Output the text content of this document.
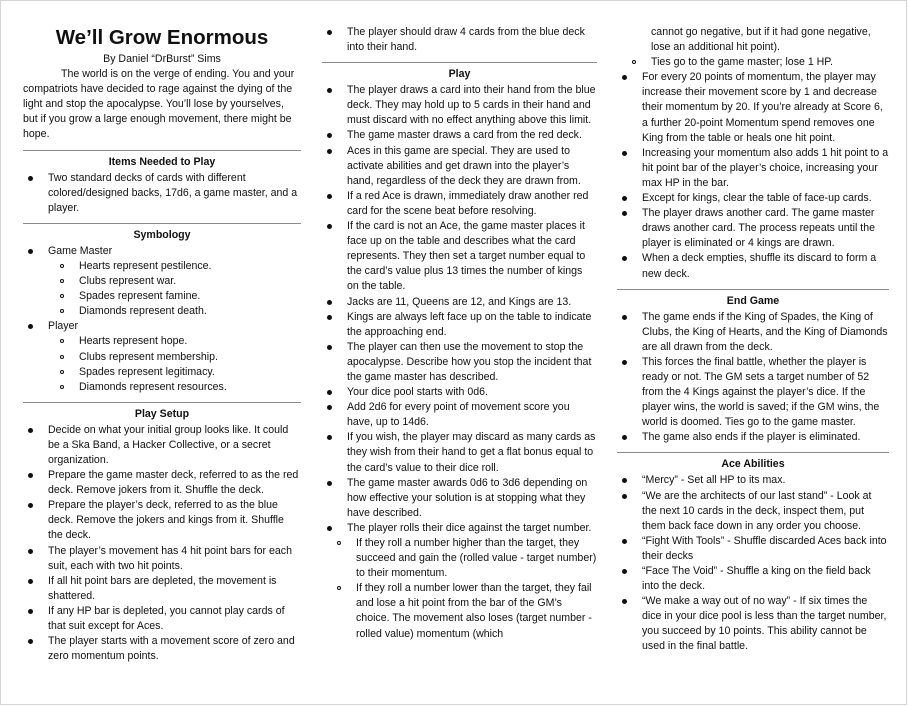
We’ll Grow Enormous
By Daniel “DrBurst” Sims

The world is on the verge of ending. You and your compatriots have decided to rage against the dying of the light and stop the apocalypse. You’ll lose by yourselves, but if you grow a large enough movement, there might be hope.

Items Needed to Play
Two standard decks of cards with different colored/designed backs, 17d6, a game master, and a player.
Symbology
Game Master
Hearts represent pestilence.
Clubs represent war.
Spades represent famine.
Diamonds represent death.
Player
Hearts represent hope.
Clubs represent membership.
Spades represent legitimacy.
Diamonds represent resources.
Play Setup
Decide on what your initial group looks like. It could be a Ska Band, a Hacker Collective, or a secret organization.
Prepare the game master deck, referred to as the red deck. Remove jokers from it. Shuffle the deck.
Prepare the player’s deck, referred to as the blue deck. Remove the jokers and kings from it. Shuffle the deck.
The player’s movement has 4 hit point bars for each suit, each with two hit points.
If all hit point bars are depleted, the movement is shattered.
If any HP bar is depleted, you cannot play cards of that suit except for Aces.
The player starts with a movement score of zero and zero momentum points.
The player should draw 4 cards from the blue deck into their hand.
Play
The player draws a card into their hand from the blue deck. They may hold up to 5 cards in their hand and must discard with no effect anything above this limit.
The game master draws a card from the red deck.
Aces in this game are special. They are used to activate abilities and get drawn into the player’s hand, regardless of the deck they are drawn from.
If a red Ace is drawn, immediately draw another red card for the scene beat before resolving.
If the card is not an Ace, the game master places it face up on the table and describes what the card represents. They then set a target number equal to the card’s value plus 13 times the number of kings on the table.
Jacks are 11, Queens are 12, and Kings are 13.
Kings are always left face up on the table to indicate the approaching end.
The player can then use the movement to stop the apocalypse. Describe how you stop the incident that the game master has described.
Your dice pool starts with 0d6.
Add 2d6 for every point of movement score you have, up to 14d6.
If you wish, the player may discard as many cards as they wish from their hand to get a flat bonus equal to the card’s value to their dice roll.
The game master awards 0d6 to 3d6 depending on how effective your solution is at stopping what they have described.
The player rolls their dice against the target number.
If they roll a number higher than the target, they succeed and gain the (rolled value - target number) to their momentum.
If they roll a number lower than the target, they fail and lose a hit point from the bar of the GM’s choice. The movement also loses (target number - rolled value) momentum (which
cannot go negative, but if it had gone negative, lose an additional hit point).
Ties go to the game master; lose 1 HP.
For every 20 points of momentum, the player may increase their movement score by 1 and decrease their momentum by 20. If you’re already at Score 6, a further 20-point Momentum spend removes one King from the table or heals one hit point.
Increasing your momentum also adds 1 hit point to a hit point bar of the player’s choice, increasing your max HP in the bar.
Except for kings, clear the table of face-up cards.
The player draws another card. The game master draws another card. The process repeats until the player is eliminated or 4 kings are drawn.
When a deck empties, shuffle its discard to form a new deck.
End Game
The game ends if the King of Spades, the King of Clubs, the King of Hearts, and the King of Diamonds are all drawn from the deck.
This forces the final battle, whether the player is ready or not. The GM sets a target number of 52 from the 4 Kings against the player’s dice. If the player wins, the world is saved; if the GM wins, the world is doomed. Ties go to the game master.
The game also ends if the player is eliminated.
Ace Abilities
“Mercy” - Set all HP to its max.
“We are the architects of our last stand” - Look at the next 10 cards in the deck, inspect them, put them back face down in any order you choose.
“Fight With Tools” - Shuffle discarded Aces back into their decks
“Face The Void” - Shuffle a king on the field back into the deck.
“We make a way out of no way” - If six times the dice in your dice pool is less than the target number, you succeed by 10 points. This ability cannot be used in the final battle.
